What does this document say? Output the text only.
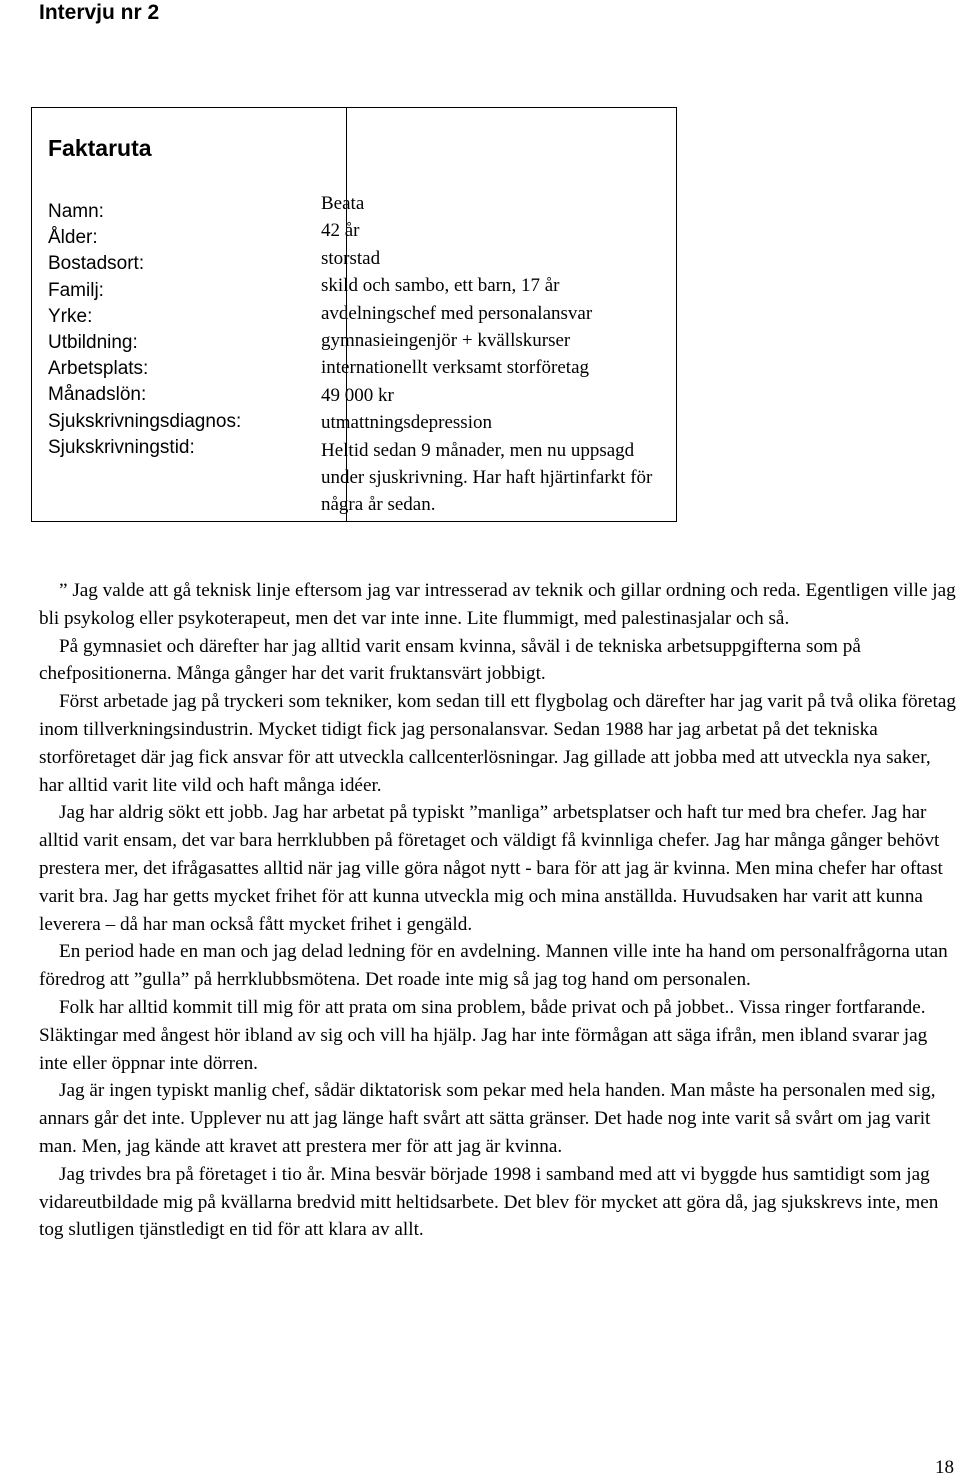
Intervju nr 2
Faktaruta
Namn:
Ålder:
Bostadsort:
Familj:
Yrke:
Utbildning:
Arbetsplats:
Månadslön:
Sjukskrivningsdiagnos:
Sjukskrivningstid:
Beata
42 år
storstad
skild och sambo, ett barn, 17 år
avdelningschef med personalansvar
gymnasieingenjör + kvällskurser
internationellt verksamt storföretag
49 000 kr
utmattningsdepression
Heltid sedan 9 månader, men nu uppsagd under sjuskrivning. Har haft hjärtinfarkt för några år sedan.

” Jag valde att gå teknisk linje eftersom jag var intresserad av teknik och gillar ordning och reda. Egentligen ville jag bli psykolog eller psykoterapeut, men det var inte inne. Lite flummigt, med palestinasjalar och så.

På gymnasiet och därefter har jag alltid varit ensam kvinna, såväl i de tekniska arbetsuppgifterna som på chefpositionerna. Många gånger har det varit fruktansvärt jobbigt.

Först arbetade jag på tryckeri som tekniker, kom sedan till ett flygbolag och därefter har jag varit på två olika företag inom tillverkningsindustrin. Mycket tidigt fick jag personalansvar. Sedan 1988 har jag arbetat på det tekniska storföretaget där jag fick ansvar för att utveckla callcenterlösningar. Jag gillade att jobba med att utveckla nya saker, har alltid varit lite vild och haft många idéer.

Jag har aldrig sökt ett jobb. Jag har arbetat på typiskt ”manliga” arbetsplatser och haft tur med bra chefer. Jag har alltid varit ensam, det var bara herrklubben på företaget och väldigt få kvinnliga chefer. Jag har många gånger behövt prestera mer, det ifrågasattes alltid när jag ville göra något nytt - bara för att jag är kvinna. Men mina chefer har oftast varit bra. Jag har getts mycket frihet för att kunna utveckla mig och mina anställda. Huvudsaken har varit att kunna leverera – då har man också fått mycket frihet i gengäld.

En period hade en man och jag delad ledning för en avdelning. Mannen ville inte ha hand om personalfrågorna utan föredrog att ”gulla” på herrklubbsmötena. Det roade inte mig så jag tog hand om personalen.

Folk har alltid kommit till mig för att prata om sina problem, både privat och på jobbet.. Vissa ringer fortfarande. Släktingar med ångest hör ibland av sig och vill ha hjälp. Jag har inte förmågan att säga ifrån, men ibland svarar jag inte eller öppnar inte dörren.

Jag är ingen typiskt manlig chef, sådär diktatorisk som pekar med hela handen. Man måste ha personalen med sig, annars går det inte. Upplever nu att jag länge haft svårt att sätta gränser. Det hade nog inte varit så svårt om jag varit man. Men, jag kände att kravet att prestera mer för att jag är kvinna.

Jag trivdes bra på företaget i tio år. Mina besvär började 1998 i samband med att vi byggde hus samtidigt som jag vidareutbildade mig på kvällarna bredvid mitt heltidsarbete. Det blev för mycket att göra då, jag sjukskrevs inte, men tog slutligen tjänstledigt en tid för att klara av allt.

18
